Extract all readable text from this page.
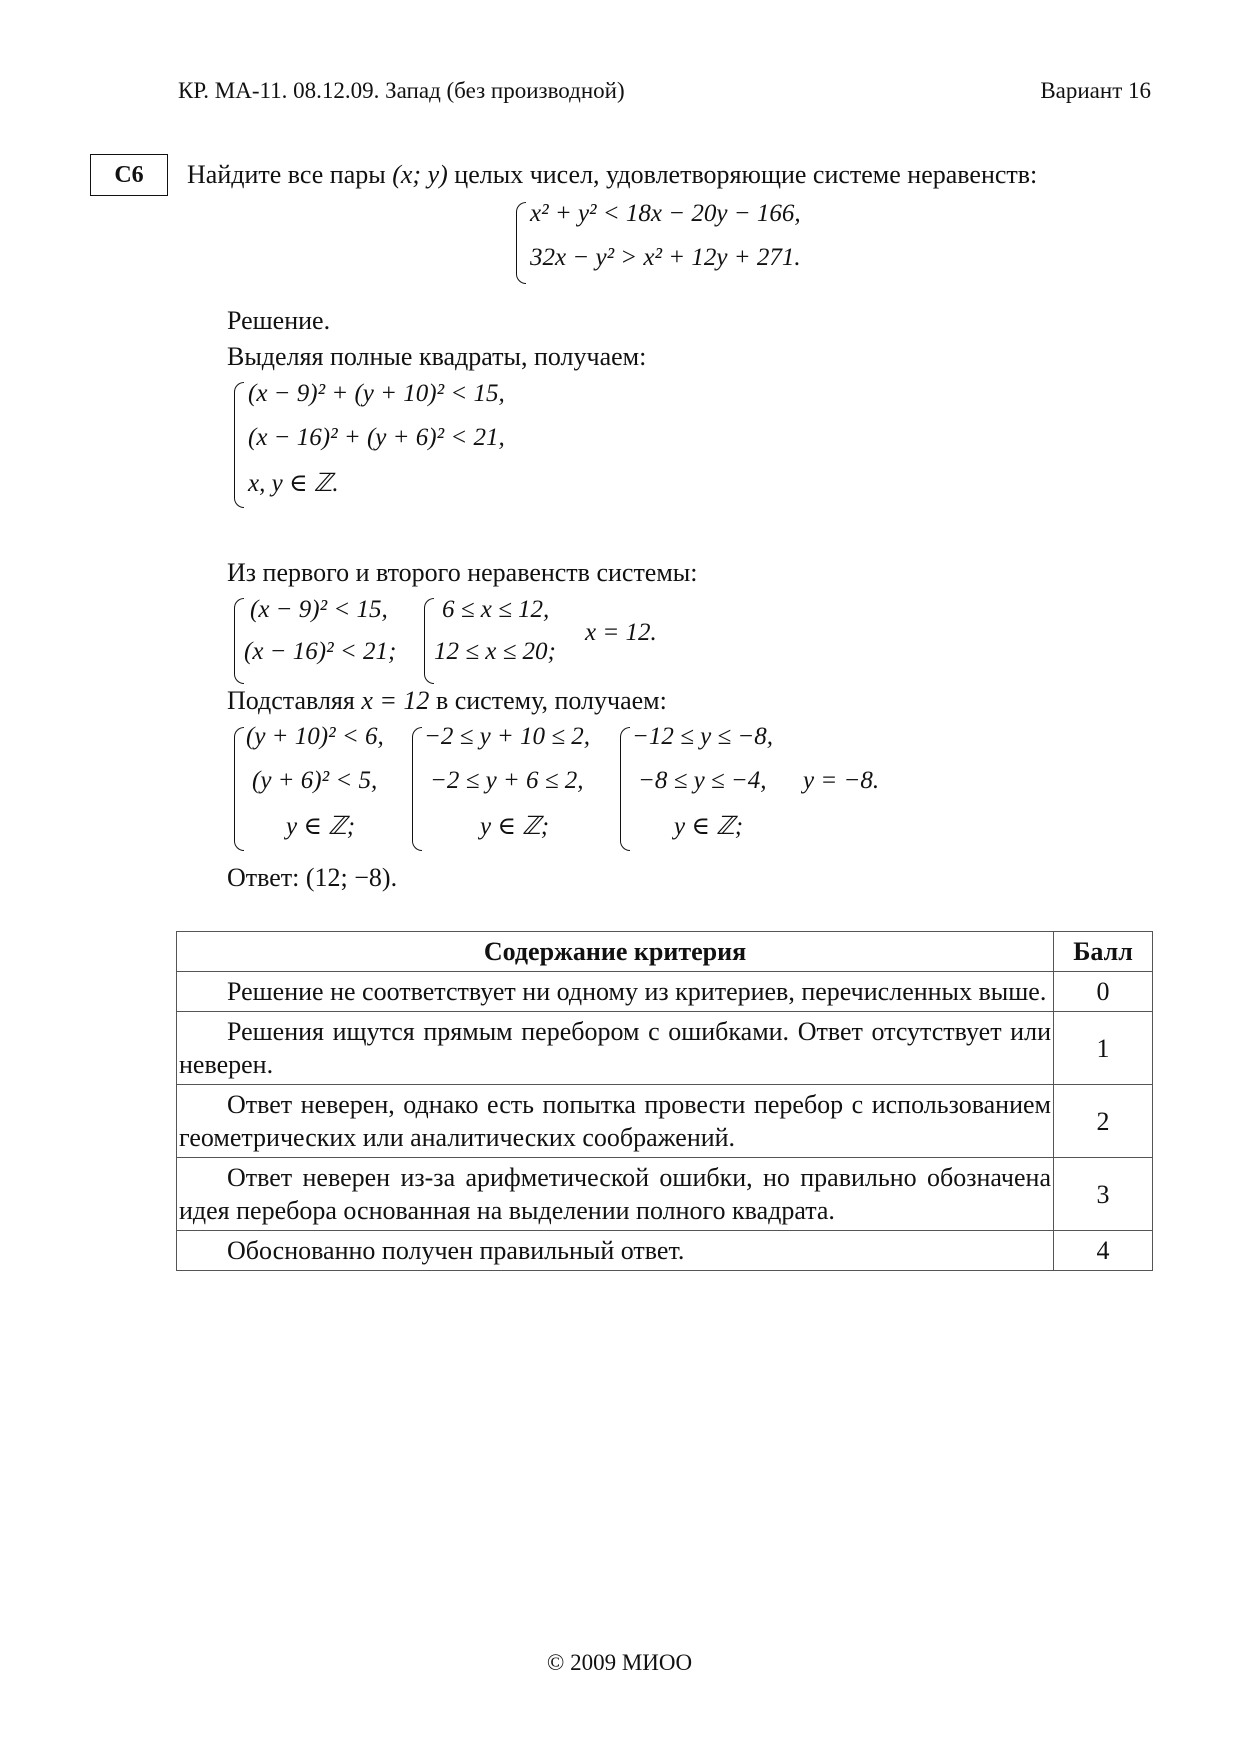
КР. МА-11. 08.12.09. Запад (без производной)	Вариант 16
C6	Найдите все пары (x; y) целых чисел, удовлетворяющие системе неравенств:
x² + y² < 18x − 20y − 166,
32x − y² > x² + 12y + 271.
Решение.
Выделяя полные квадраты, получаем:
(x − 9)² + (y + 10)² < 15,
(x − 16)² + (y + 6)² < 21,
x, y ∈ ℤ.
Из первого и второго неравенств системы:
(x − 9)² < 15,
(x − 16)² < 21;
6 ≤ x ≤ 12,
12 ≤ x ≤ 20;
x = 12.
Подставляя x = 12 в систему, получаем:
(y + 10)² < 6,
(y + 6)² < 5,
y ∈ ℤ;
−2 ≤ y + 10 ≤ 2,
−2 ≤ y + 6 ≤ 2,
y ∈ ℤ;
−12 ≤ y ≤ −8,
−8 ≤ y ≤ −4,
y ∈ ℤ;
y = −8.
Ответ: (12; −8).
Содержание критерия	Балл
Решение не соответствует ни одному из критериев, перечисленных выше.	0
Решения ищутся прямым перебором с ошибками. Ответ отсутствует или неверен.	1
Ответ неверен, однако есть попытка провести перебор с использованием геометрических или аналитических соображений.	2
Ответ неверен из-за арифметической ошибки, но правильно обозначена идея перебора основанная на выделении полного квадрата.	3
Обоснованно получен правильный ответ.	4
© 2009 МИОО
